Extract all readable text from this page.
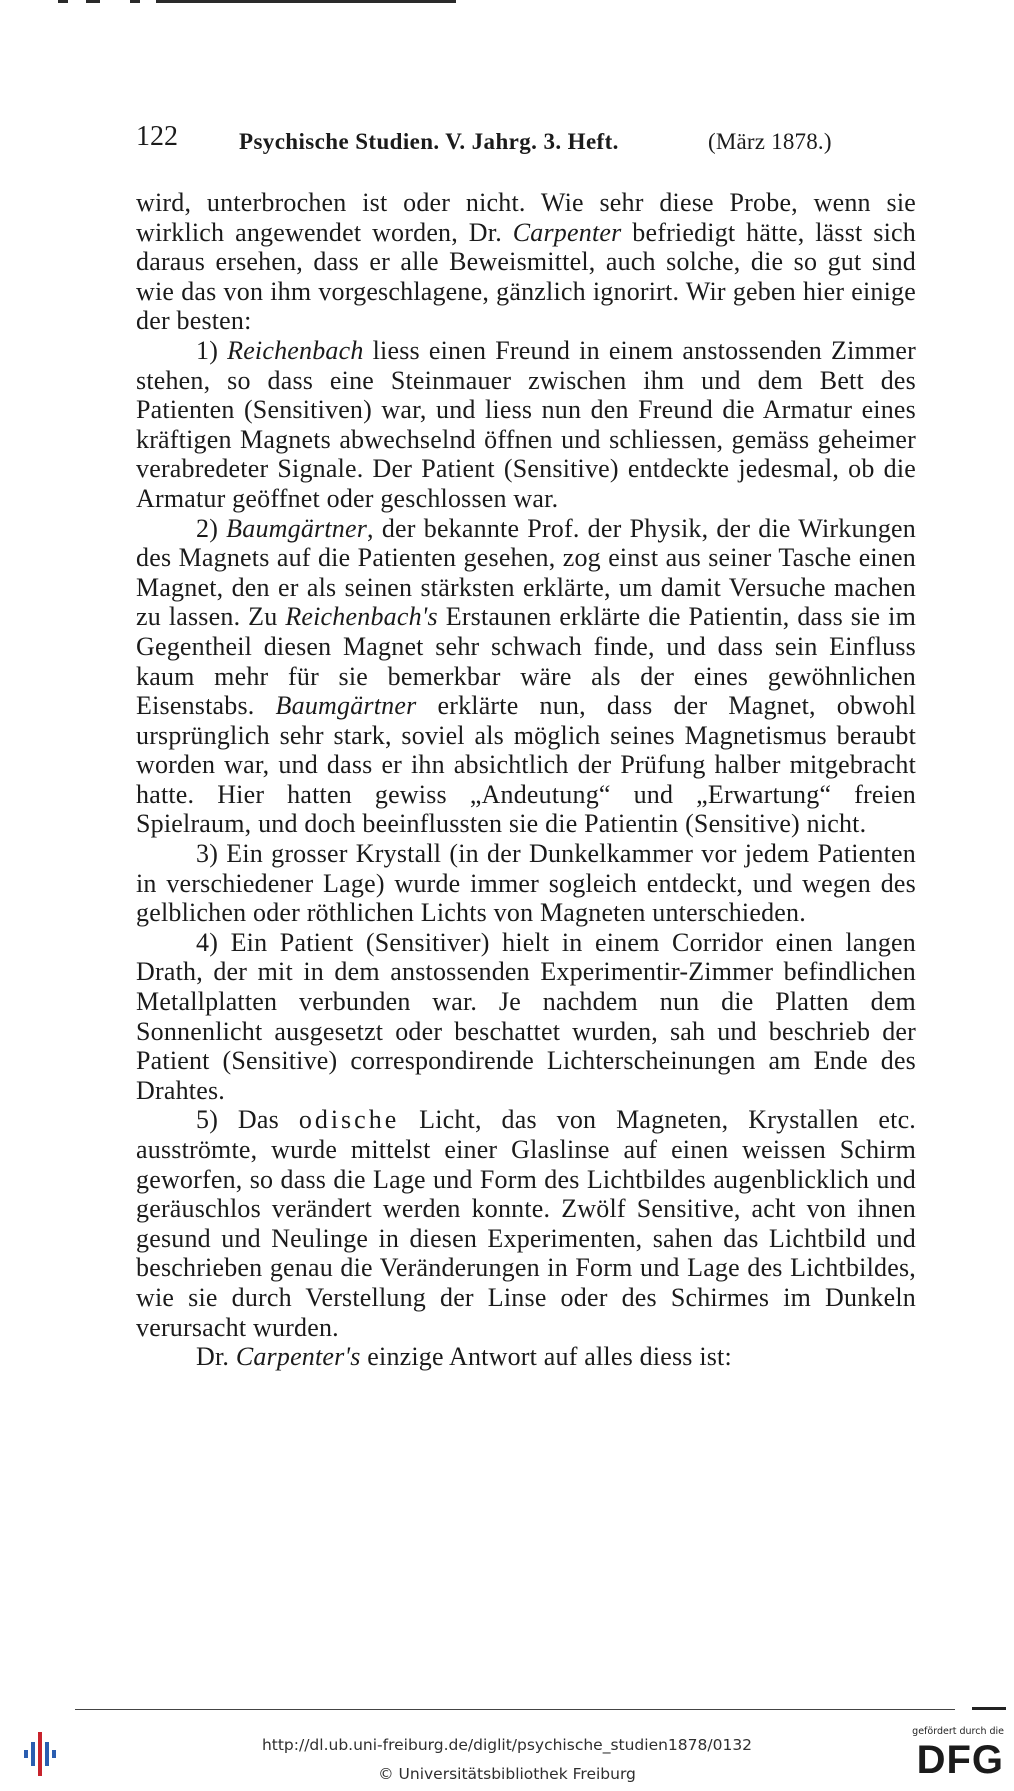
122	Psychische Studien. V. Jahrg. 3. Heft.	(März 1878.)

wird, unterbrochen ist oder nicht. Wie sehr diese Probe, wenn sie wirklich angewendet worden, Dr. Carpenter befriedigt hätte, lässt sich daraus ersehen, dass er alle Beweismittel, auch solche, die so gut sind wie das von ihm vorgeschlagene, gänzlich ignorirt. Wir geben hier einige der besten:

1) Reichenbach liess einen Freund in einem anstossenden Zimmer stehen, so dass eine Steinmauer zwischen ihm und dem Bett des Patienten (Sensitiven) war, und liess nun den Freund die Armatur eines kräftigen Magnets abwechselnd öffnen und schliessen, gemäss geheimer verabredeter Signale. Der Patient (Sensitive) entdeckte jedesmal, ob die Armatur geöffnet oder geschlossen war.

2) Baumgärtner, der bekannte Prof. der Physik, der die Wirkungen des Magnets auf die Patienten gesehen, zog einst aus seiner Tasche einen Magnet, den er als seinen stärksten erklärte, um damit Versuche machen zu lassen. Zu Reichenbach's Erstaunen erklärte die Patientin, dass sie im Gegentheil diesen Magnet sehr schwach finde, und dass sein Einfluss kaum mehr für sie bemerkbar wäre als der eines gewöhnlichen Eisenstabs. Baumgärtner erklärte nun, dass der Magnet, obwohl ursprünglich sehr stark, soviel als möglich seines Magnetismus beraubt worden war, und dass er ihn absichtlich der Prüfung halber mitgebracht hatte. Hier hatten gewiss „Andeutung“ und „Erwartung“ freien Spielraum, und doch beeinflussten sie die Patientin (Sensitive) nicht.

3) Ein grosser Krystall (in der Dunkelkammer vor jedem Patienten in verschiedener Lage) wurde immer sogleich entdeckt, und wegen des gelblichen oder röthlichen Lichts von Magneten unterschieden.

4) Ein Patient (Sensitiver) hielt in einem Corridor einen langen Drath, der mit in dem anstossenden Experimentir-Zimmer befindlichen Metallplatten verbunden war. Je nachdem nun die Platten dem Sonnenlicht ausgesetzt oder beschattet wurden, sah und beschrieb der Patient (Sensitive) correspondirende Lichterscheinungen am Ende des Drahtes.

5) Das odische Licht, das von Magneten, Krystallen etc. ausströmte, wurde mittelst einer Glaslinse auf einen weissen Schirm geworfen, so dass die Lage und Form des Lichtbildes augenblicklich und geräuschlos verändert werden konnte. Zwölf Sensitive, acht von ihnen gesund und Neulinge in diesen Experimenten, sahen das Lichtbild und beschrieben genau die Veränderungen in Form und Lage des Lichtbildes, wie sie durch Verstellung der Linse oder des Schirmes im Dunkeln verursacht wurden.

Dr. Carpenter's einzige Antwort auf alles diess ist:

http://dl.ub.uni-freiburg.de/diglit/psychische_studien1878/0132
© Universitätsbibliothek Freiburg
gefördert durch die
DFG
